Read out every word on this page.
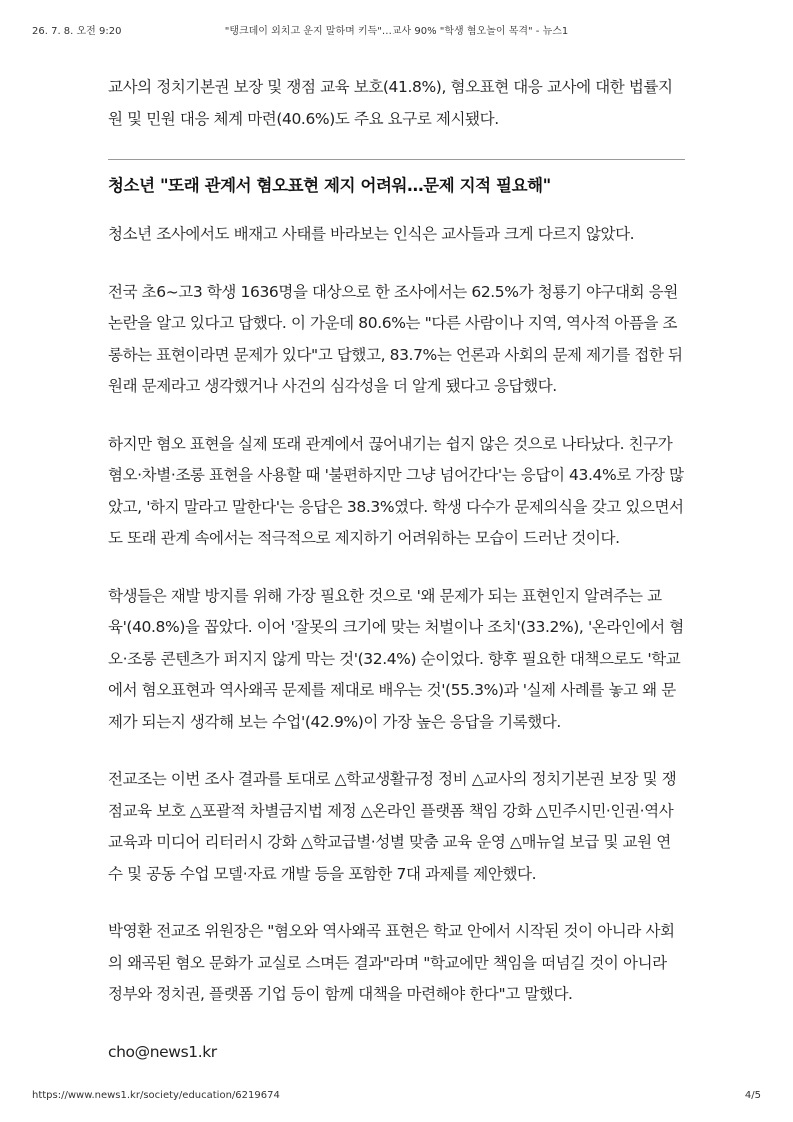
26. 7. 8. 오전 9:20	"탱크데이 외치고 운지 말하며 키득"…교사 90% "학생 혐오놀이 목격" - 뉴스1

교사의 정치기본권 보장 및 쟁점 교육 보호(41.8%), 혐오표현 대응 교사에 대한 법률지원 및 민원 대응 체계 마련(40.6%)도 주요 요구로 제시됐다.

청소년 "또래 관계서 혐오표현 제지 어려워…문제 지적 필요해"

청소년 조사에서도 배재고 사태를 바라보는 인식은 교사들과 크게 다르지 않았다.

전국 초6~고3 학생 1636명을 대상으로 한 조사에서는 62.5%가 청룡기 야구대회 응원 논란을 알고 있다고 답했다. 이 가운데 80.6%는 "다른 사람이나 지역, 역사적 아픔을 조롱하는 표현이라면 문제가 있다"고 답했고, 83.7%는 언론과 사회의 문제 제기를 접한 뒤 원래 문제라고 생각했거나 사건의 심각성을 더 알게 됐다고 응답했다.

하지만 혐오 표현을 실제 또래 관계에서 끊어내기는 쉽지 않은 것으로 나타났다. 친구가 혐오·차별·조롱 표현을 사용할 때 '불편하지만 그냥 넘어간다'는 응답이 43.4%로 가장 많았고, '하지 말라고 말한다'는 응답은 38.3%였다. 학생 다수가 문제의식을 갖고 있으면서도 또래 관계 속에서는 적극적으로 제지하기 어려워하는 모습이 드러난 것이다.

학생들은 재발 방지를 위해 가장 필요한 것으로 '왜 문제가 되는 표현인지 알려주는 교육'(40.8%)을 꼽았다. 이어 '잘못의 크기에 맞는 처벌이나 조치'(33.2%), '온라인에서 혐오·조롱 콘텐츠가 퍼지지 않게 막는 것'(32.4%) 순이었다. 향후 필요한 대책으로도 '학교에서 혐오표현과 역사왜곡 문제를 제대로 배우는 것'(55.3%)과 '실제 사례를 놓고 왜 문제가 되는지 생각해 보는 수업'(42.9%)이 가장 높은 응답을 기록했다.

전교조는 이번 조사 결과를 토대로 △학교생활규정 정비 △교사의 정치기본권 보장 및 쟁점교육 보호 △포괄적 차별금지법 제정 △온라인 플랫폼 책임 강화 △민주시민·인권·역사교육과 미디어 리터러시 강화 △학교급별·성별 맞춤 교육 운영 △매뉴얼 보급 및 교원 연수 및 공동 수업 모델·자료 개발 등을 포함한 7대 과제를 제안했다.

박영환 전교조 위원장은 "혐오와 역사왜곡 표현은 학교 안에서 시작된 것이 아니라 사회의 왜곡된 혐오 문화가 교실로 스며든 결과"라며 "학교에만 책임을 떠넘길 것이 아니라 정부와 정치권, 플랫폼 기업 등이 함께 대책을 마련해야 한다"고 말했다.

cho@news1.kr

https://www.news1.kr/society/education/6219674	4/5
